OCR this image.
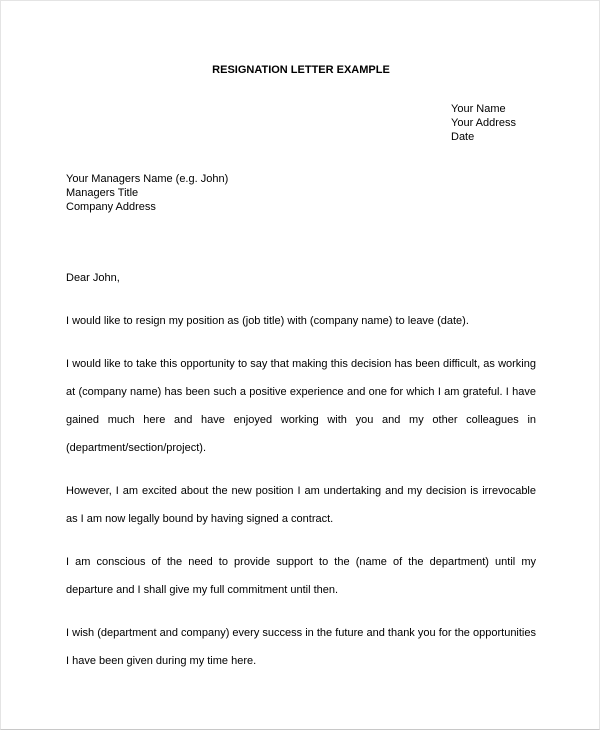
RESIGNATION LETTER EXAMPLE
Your Name
Your Address
Date
Your Managers Name (e.g. John)
Managers Title
Company Address

Dear John,

I would like to resign my position as (job title) with (company name) to leave (date).

I would like to take this opportunity to say that making this decision has been difficult, as working at (company name) has been such a positive experience and one for which I am grateful. I have gained much here and have enjoyed working with you and my other colleagues in (department/section/project).

However, I am excited about the new position I am undertaking and my decision is irrevocable as I am now legally bound by having signed a contract.

I am conscious of the need to provide support to the (name of the department) until my departure and I shall give my full commitment until then.

I wish (department and company) every success in the future and thank you for the opportunities I have been given during my time here.
